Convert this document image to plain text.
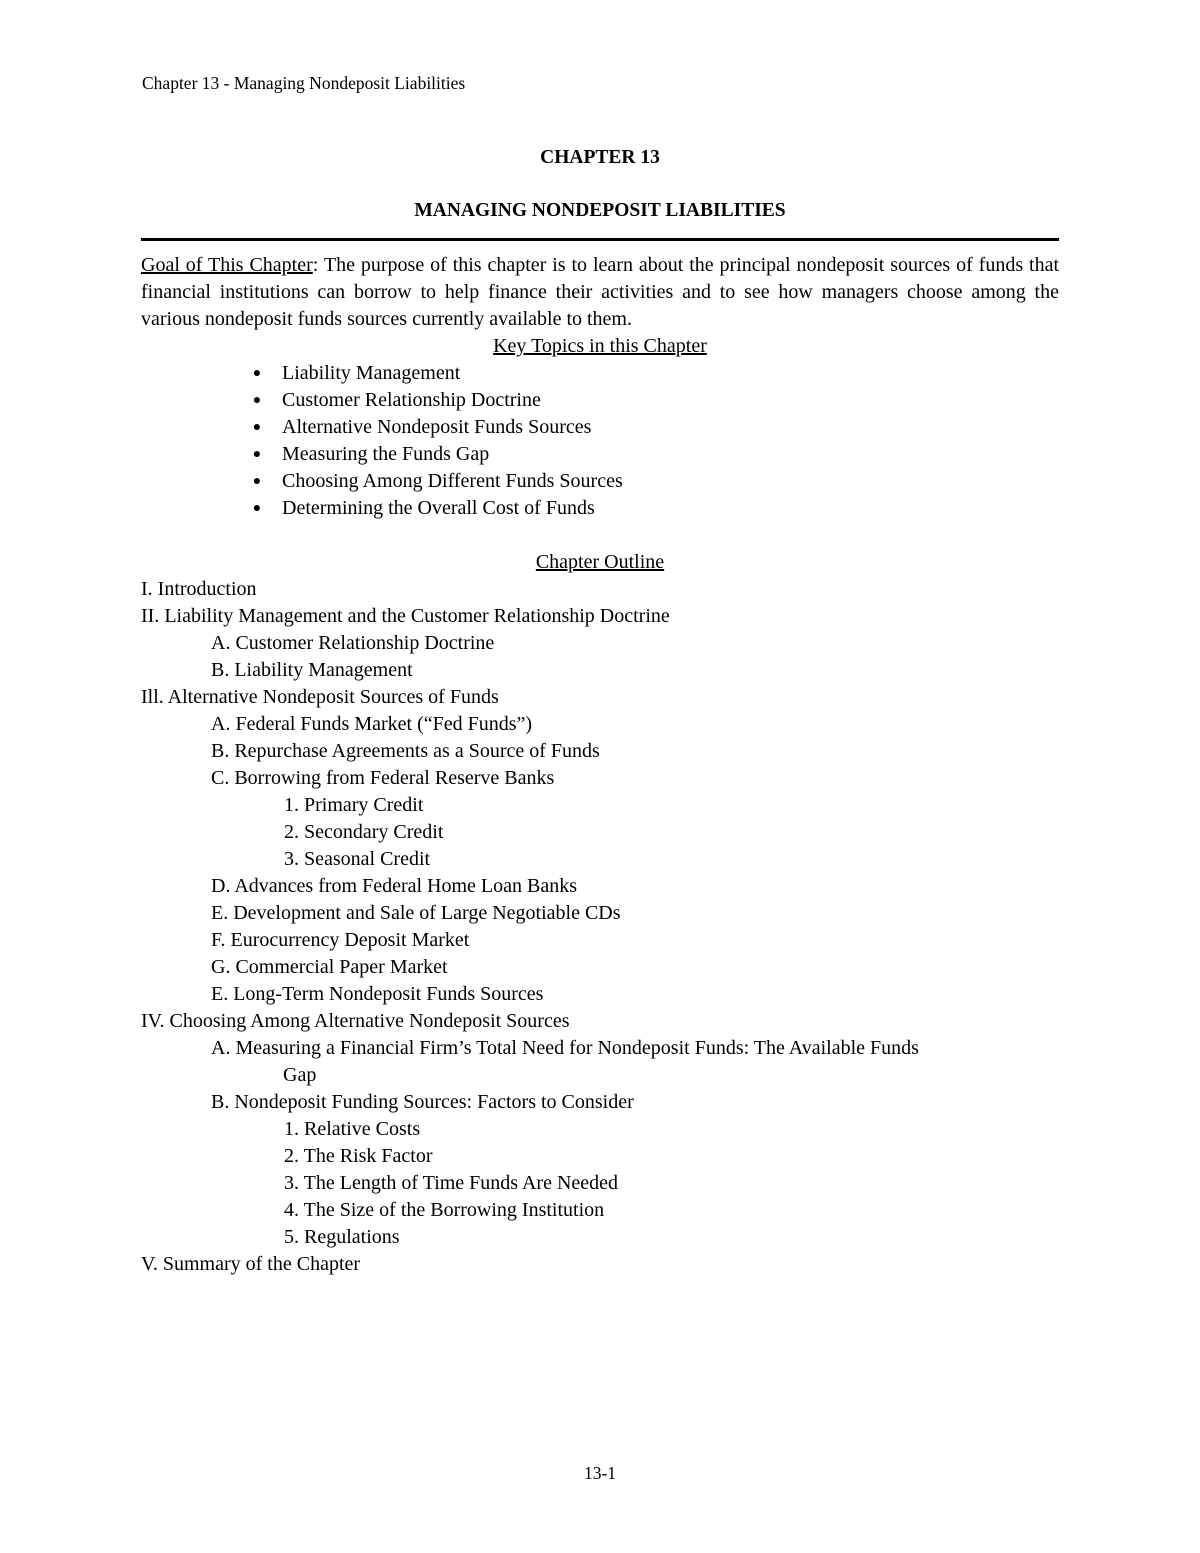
Chapter 13 - Managing Nondeposit Liabilities
CHAPTER 13
MANAGING NONDEPOSIT LIABILITIES

Goal of This Chapter: The purpose of this chapter is to learn about the principal nondeposit sources of funds that financial institutions can borrow to help finance their activities and to see how managers choose among the various nondeposit funds sources currently available to them.

Key Topics in this Chapter

● Liability Management
● Customer Relationship Doctrine
● Alternative Nondeposit Funds Sources
● Measuring the Funds Gap
● Choosing Among Different Funds Sources
● Determining the Overall Cost of Funds

Chapter Outline

I. Introduction
II. Liability Management and the Customer Relationship Doctrine
A. Customer Relationship Doctrine
B. Liability Management
Ill. Alternative Nondeposit Sources of Funds
A. Federal Funds Market (“Fed Funds”)
B. Repurchase Agreements as a Source of Funds
C. Borrowing from Federal Reserve Banks
1. Primary Credit
2. Secondary Credit
3. Seasonal Credit
D. Advances from Federal Home Loan Banks
E. Development and Sale of Large Negotiable CDs
F. Eurocurrency Deposit Market
G. Commercial Paper Market
E. Long-Term Nondeposit Funds Sources
IV. Choosing Among Alternative Nondeposit Sources
A. Measuring a Financial Firm’s Total Need for Nondeposit Funds: The Available Funds
Gap
B. Nondeposit Funding Sources: Factors to Consider
1. Relative Costs
2. The Risk Factor
3. The Length of Time Funds Are Needed
4. The Size of the Borrowing Institution
5. Regulations
V. Summary of the Chapter
13-1
